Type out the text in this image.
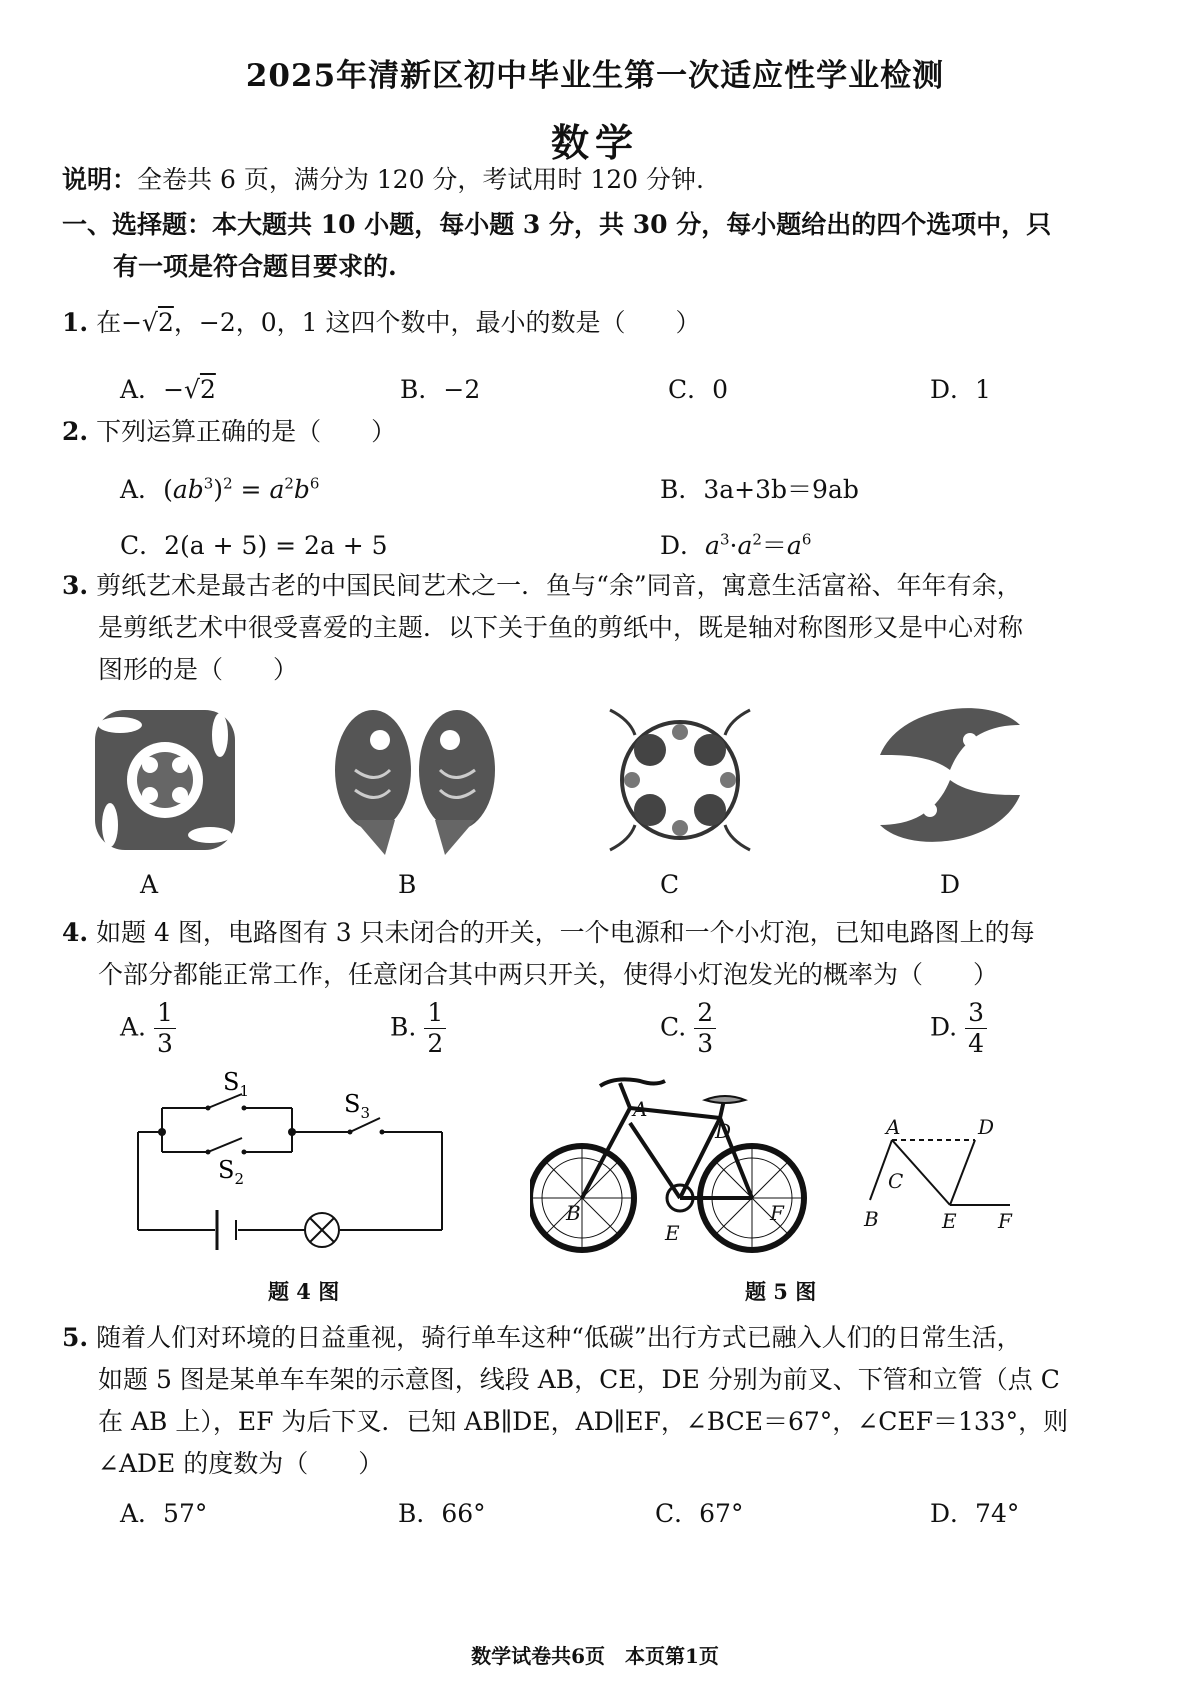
2025年清新区初中毕业生第一次适应性学业检测
数学
说明：全卷共 6 页，满分为 120 分，考试用时 120 分钟.
一、选择题：本大题共 10 小题，每小题 3 分，共 30 分，每小题给出的四个选项中，只
有一项是符合题目要求的.
1. 在−√2，−2，0，1 这四个数中，最小的数是（　　）
A．−√2	B．−2	C．0	D．1
2. 下列运算正确的是（　　）
A．$(ab^3)^2 = a^2b^6$	B．3a+3b＝9ab
C．2(a + 5) = 2a + 5	D．$a^3\cdot a^2=a^6$
3. 剪纸艺术是最古老的中国民间艺术之一．鱼与“余”同音，寓意生活富裕、年年有余，
是剪纸艺术中很受喜爱的主题．以下关于鱼的剪纸中，既是轴对称图形又是中心对称
图形的是（　　）
A	B	C	D
4. 如题 4 图，电路图有 3 只未闭合的开关，一个电源和一个小灯泡，已知电路图上的每
个部分都能正常工作，任意闭合其中两只开关，使得小灯泡发光的概率为（　　）
A. $\frac{1}{3}$	B. $\frac{1}{2}$	C. $\frac{2}{3}$	D. $\frac{3}{4}$
$S_1$
$S_2$
$S_3$
题 4 图
A
D
B
E
F
A	D
C
B	E F
题 5 图
5. 随着人们对环境的日益重视，骑行单车这种“低碳”出行方式已融入人们的日常生活，
如题 5 图是某单车车架的示意图，线段 AB，CE，DE 分别为前叉、下管和立管（点 C
在 AB 上），EF 为后下叉．已知 AB∥DE，AD∥EF，∠BCE＝67°，∠CEF＝133°，则
∠ADE 的度数为（　　）
A．57°	B．66°	C．67°	D．74°
数学试卷共6页　本页第1页
